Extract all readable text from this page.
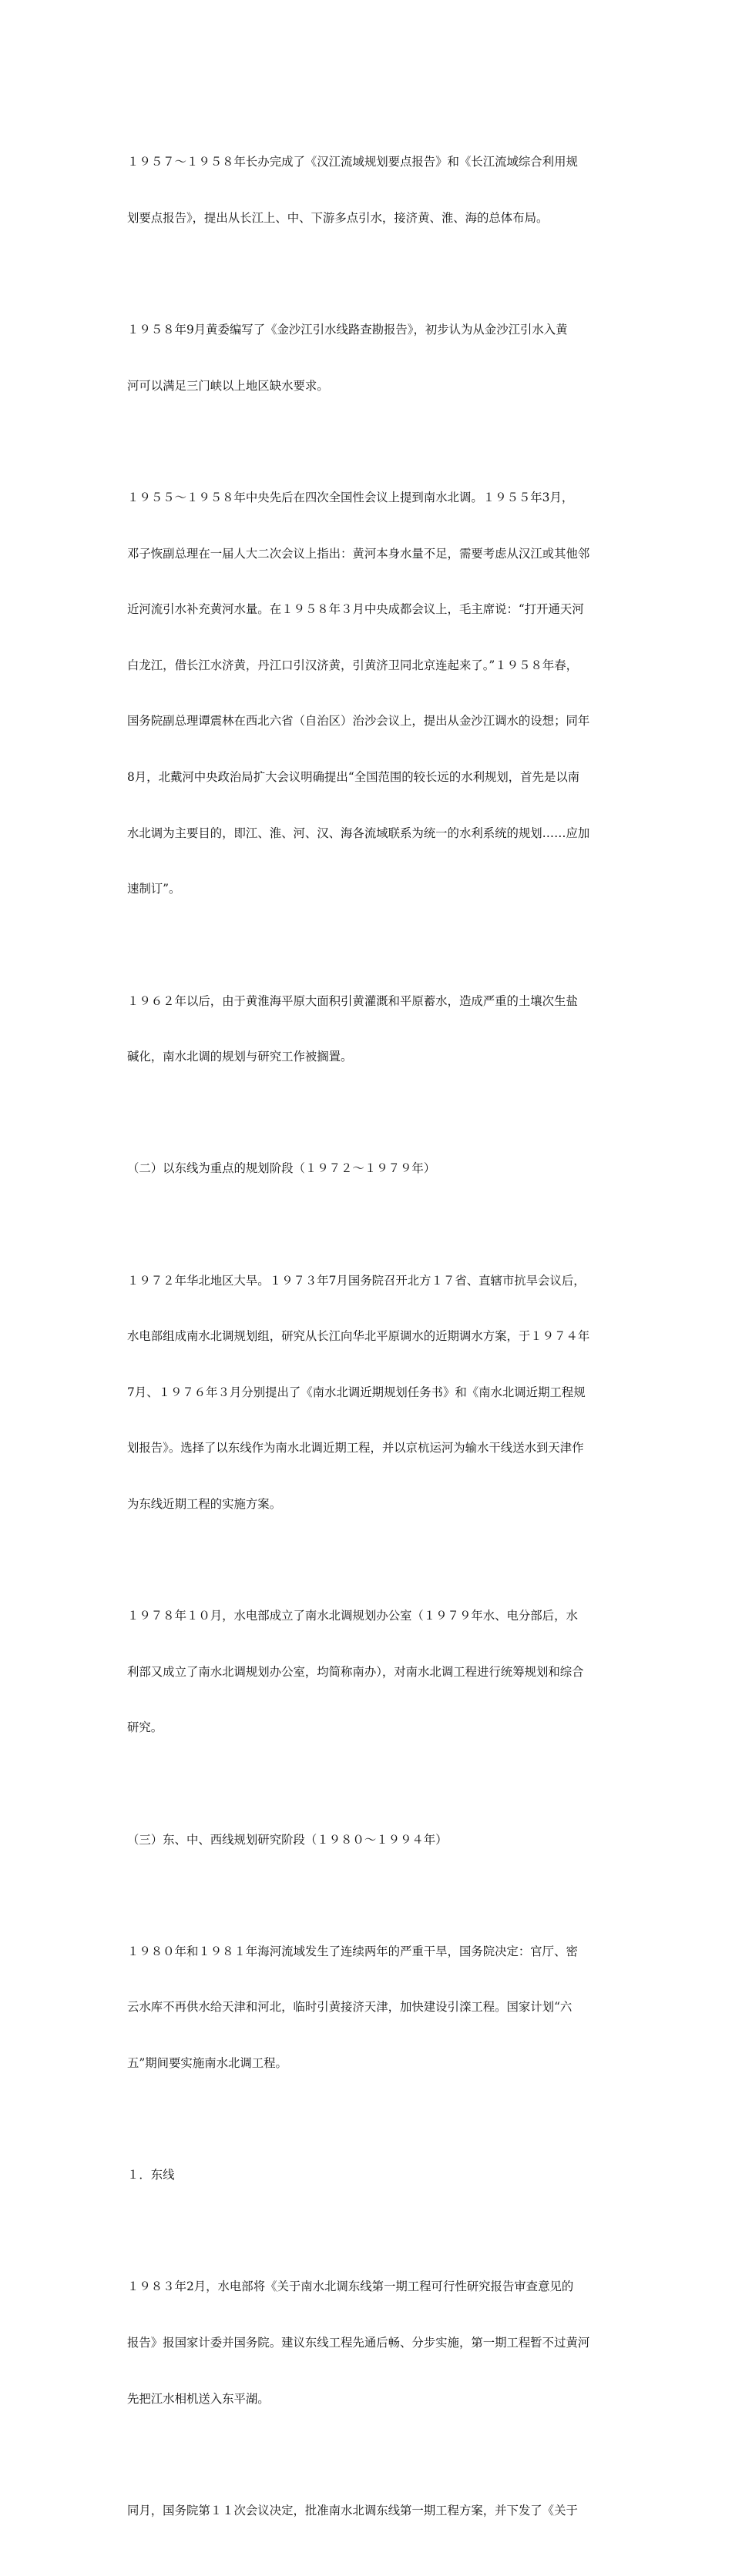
１９５７～１９５８年长办完成了《汉江流域规划要点报告》和《长江流域综合利用规

划要点报告》，提出从长江上、中、下游多点引水，接济黄、淮、海的总体布局。

１９５８年9月黄委编写了《金沙江引水线路查勘报告》，初步认为从金沙江引水入黄

河可以满足三门峡以上地区缺水要求。

１９５５～１９５８年中央先后在四次全国性会议上提到南水北调。１９５５年3月，

邓子恢副总理在一届人大二次会议上指出：黄河本身水量不足，需要考虑从汉江或其他邻

近河流引水补充黄河水量。在１９５８年３月中央成都会议上，毛主席说：“打开通天河

白龙江，借长江水济黄，丹江口引汉济黄，引黄济卫同北京连起来了。”１９５８年春，

国务院副总理谭震林在西北六省（自治区）治沙会议上，提出从金沙江调水的设想；同年

8月，北戴河中央政治局扩大会议明确提出“全国范围的较长远的水利规划，首先是以南

水北调为主要目的，即江、淮、河、汉、海各流域联系为统一的水利系统的规划……应加

速制订”。

１９６２年以后，由于黄淮海平原大面积引黄灌溉和平原蓄水，造成严重的土壤次生盐

碱化，南水北调的规划与研究工作被搁置。

（二）以东线为重点的规划阶段（１９７２～１９７９年）

１９７２年华北地区大旱。１９７３年7月国务院召开北方１７省、直辖市抗旱会议后，

水电部组成南水北调规划组，研究从长江向华北平原调水的近期调水方案，于１９７４年

7月、１９７６年３月分别提出了《南水北调近期规划任务书》和《南水北调近期工程规

划报告》。选择了以东线作为南水北调近期工程，并以京杭运河为输水干线送水到天津作

为东线近期工程的实施方案。

１９７８年１０月，水电部成立了南水北调规划办公室（１９７９年水、电分部后，水

利部又成立了南水北调规划办公室，均简称南办），对南水北调工程进行统筹规划和综合

研究。

（三）东、中、西线规划研究阶段（１９８０～１９９４年）

１９８０年和１９８１年海河流域发生了连续两年的严重干旱，国务院决定：官厅、密

云水库不再供水给天津和河北，临时引黄接济天津，加快建设引滦工程。国家计划“六

五”期间要实施南水北调工程。

１．东线

１９８３年2月，水电部将《关于南水北调东线第一期工程可行性研究报告审查意见的

报告》报国家计委并国务院。建议东线工程先通后畅、分步实施，第一期工程暂不过黄河

先把江水相机送入东平湖。

同月，国务院第１１次会议决定，批准南水北调东线第一期工程方案，并下发了《关于
